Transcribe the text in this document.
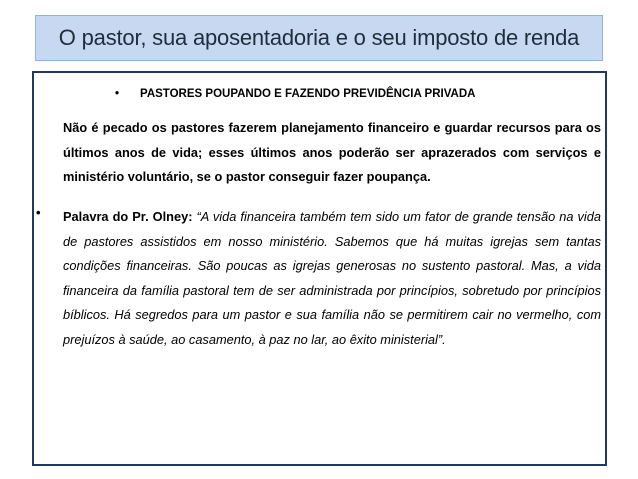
O pastor, sua aposentadoria e o seu imposto de renda
• PASTORES POUPANDO E FAZENDO PREVIDÊNCIA PRIVADA
Não é pecado os pastores fazerem planejamento financeiro e guardar recursos para os últimos anos de vida; esses últimos anos poderão ser aprazerados com serviços e ministério voluntário, se o pastor conseguir fazer poupança.
• Palavra do Pr. Olney: “A vida financeira também tem sido um fator de grande tensão na vida de pastores assistidos em nosso ministério. Sabemos que há muitas igrejas sem tantas condições financeiras. São poucas as igrejas generosas no sustento pastoral. Mas, a vida financeira da família pastoral tem de ser administrada por princípios, sobretudo por princípios bíblicos. Há segredos para um pastor e sua família não se permitirem cair no vermelho, com prejuízos à saúde, ao casamento, à paz no lar, ao êxito ministerial”.
